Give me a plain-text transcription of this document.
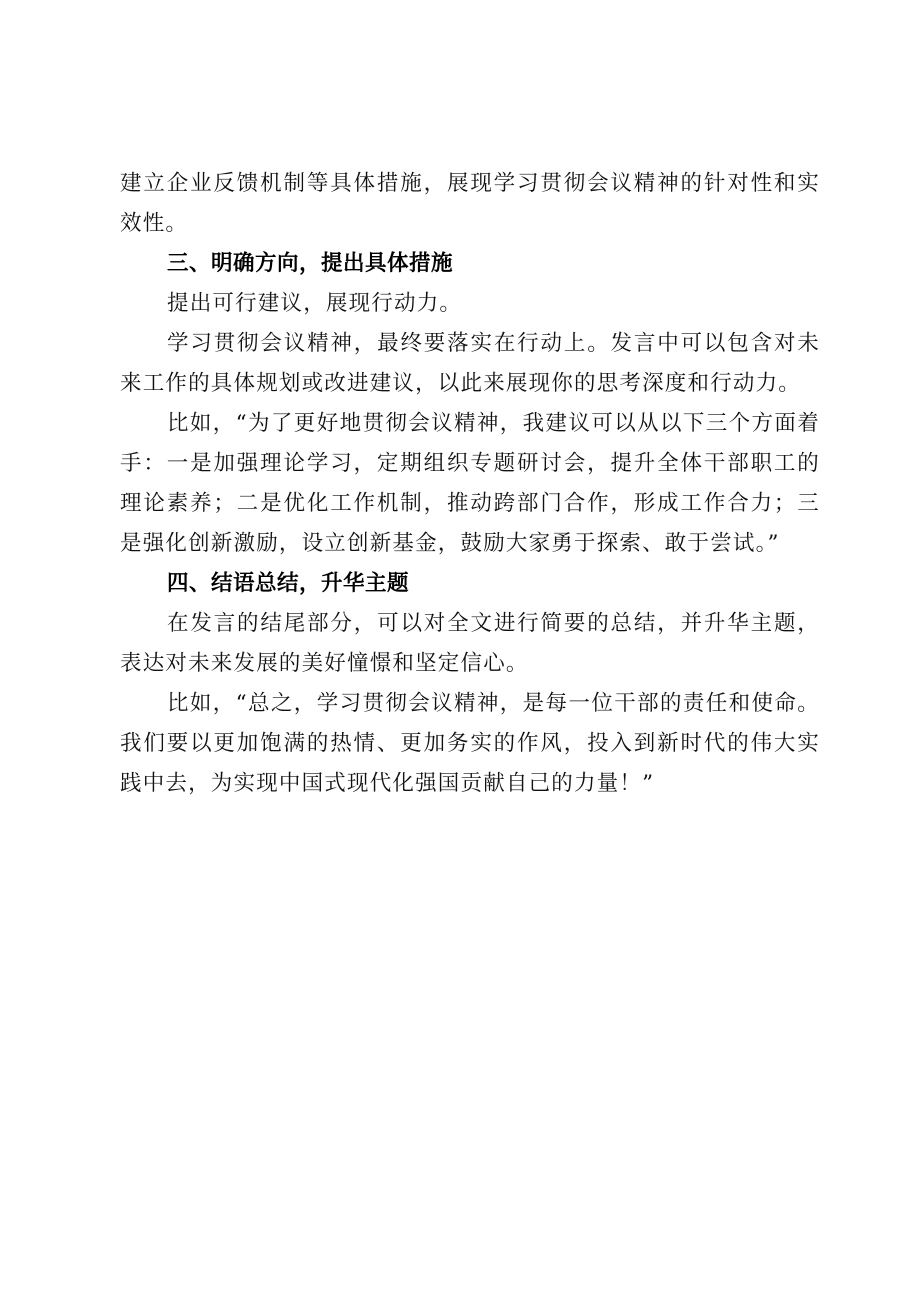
建立企业反馈机制等具体措施，展现学习贯彻会议精神的针对性和实效性。

三、明确方向，提出具体措施

提出可行建议，展现行动力。

学习贯彻会议精神，最终要落实在行动上。发言中可以包含对未来工作的具体规划或改进建议，以此来展现你的思考深度和行动力。

比如，“为了更好地贯彻会议精神，我建议可以从以下三个方面着手：一是加强理论学习，定期组织专题研讨会，提升全体干部职工的理论素养；二是优化工作机制，推动跨部门合作，形成工作合力；三是强化创新激励，设立创新基金，鼓励大家勇于探索、敢于尝试。”

四、结语总结，升华主题

在发言的结尾部分，可以对全文进行简要的总结，并升华主题，表达对未来发展的美好憧憬和坚定信心。

比如，“总之，学习贯彻会议精神，是每一位干部的责任和使命。我们要以更加饱满的热情、更加务实的作风，投入到新时代的伟大实践中去，为实现中国式现代化强国贡献自己的力量！”
